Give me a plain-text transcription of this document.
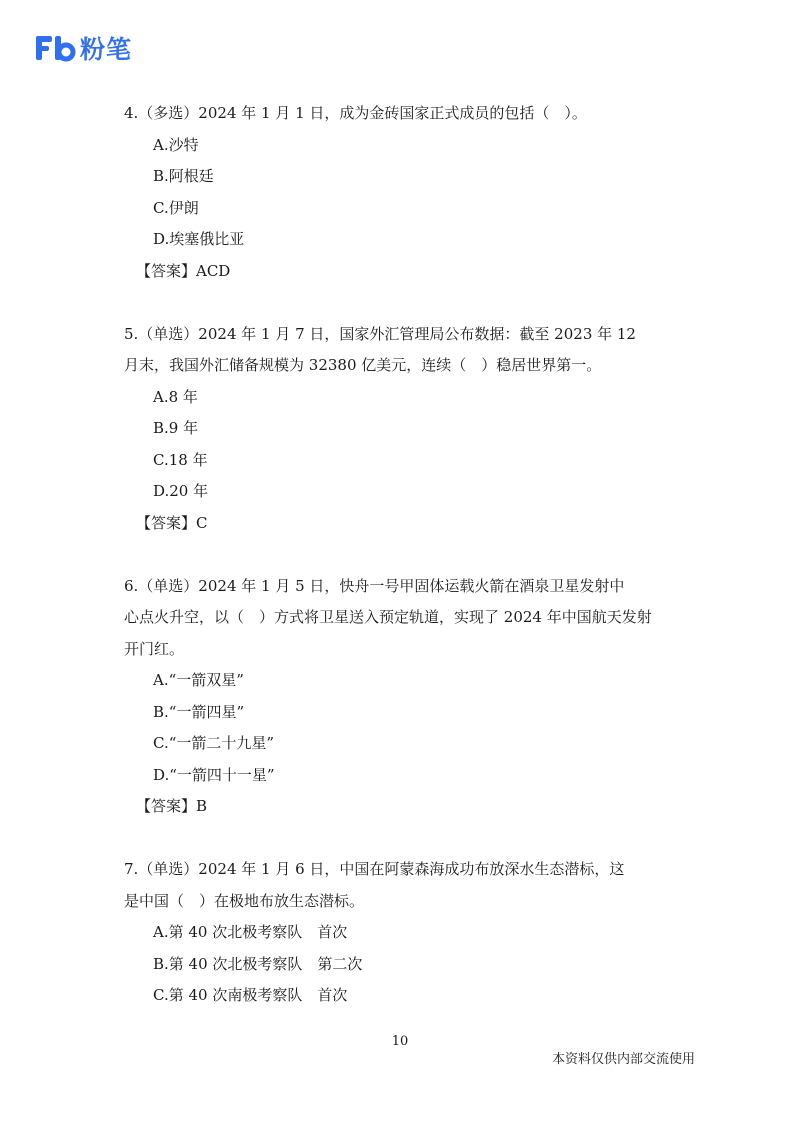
粉笔
4.（多选）2024 年 1 月 1 日，成为金砖国家正式成员的包括（　）。
A.沙特
B.阿根廷
C.伊朗
D.埃塞俄比亚
【答案】ACD
5.（单选）2024 年 1 月 7 日，国家外汇管理局公布数据：截至 2023 年 12
月末，我国外汇储备规模为 32380 亿美元，连续（　）稳居世界第一。
A.8 年
B.9 年
C.18 年
D.20 年
【答案】C
6.（单选）2024 年 1 月 5 日，快舟一号甲固体运载火箭在酒泉卫星发射中
心点火升空，以（　）方式将卫星送入预定轨道，实现了 2024 年中国航天发射
开门红。
A.“一箭双星”
B.“一箭四星”
C.“一箭二十九星”
D.“一箭四十一星”
【答案】B
7.（单选）2024 年 1 月 6 日，中国在阿蒙森海成功布放深水生态潜标，这
是中国（　）在极地布放生态潜标。
A.第 40 次北极考察队　首次
B.第 40 次北极考察队　第二次
C.第 40 次南极考察队　首次
10
本资料仅供内部交流使用
